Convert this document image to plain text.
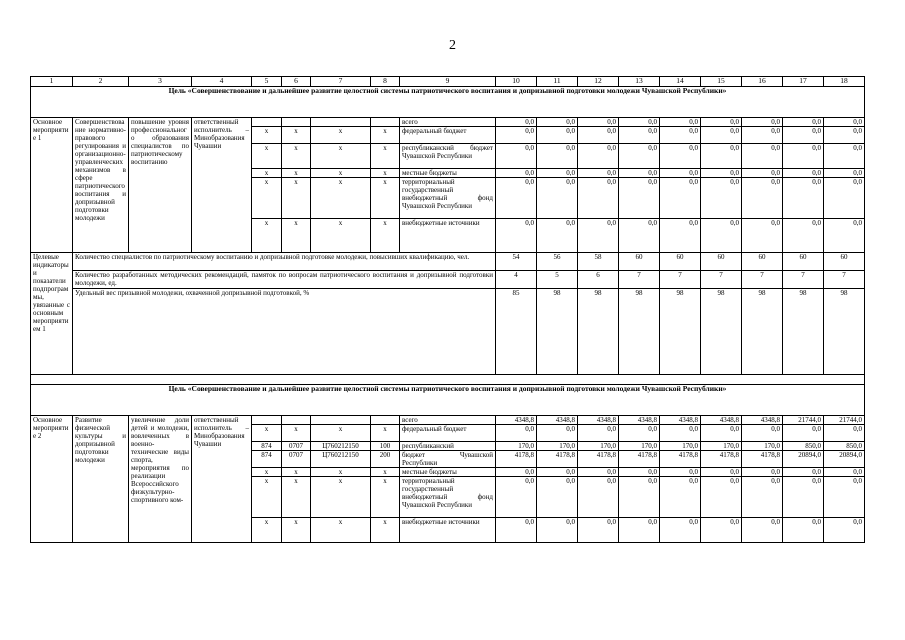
2
1	2	3	4	5	6	7	8	9	10	11	12	13	14	15	16	17	18
Цель «Совершенствование и дальнейшее развитие целостной системы патриотического воспитания и допризывной подготовки молодежи Чувашской Республики»																	
Основное мероприятие 1	Совершенствование нормативно-правового регулирования и организационно-управленческих механизмов в сфере патриотического воспитания и допризывной подготовки молодежи	повышение уровня профессионального образования специалистов по патриотическому воспитанию	ответственный исполнитель – Минобразования Чувашии					всего	0,0	0,0	0,0	0,0	0,0	0,0	0,0	0,0	0,0
				x	x	x	x	федеральный бюджет	0,0	0,0	0,0	0,0	0,0	0,0	0,0	0,0	0,0
				x	x	x	x	республиканский бюджет Чувашской Республики	0,0	0,0	0,0	0,0	0,0	0,0	0,0	0,0	0,0
				x	x	x	x	местные бюджеты	0,0	0,0	0,0	0,0	0,0	0,0	0,0	0,0	0,0
				x	x	x	x	территориальный государственный внебюджетный фонд Чувашской Республики	0,0	0,0	0,0	0,0	0,0	0,0	0,0	0,0	0,0
				x	x	x	x	внебюджетные источники	0,0	0,0	0,0	0,0	0,0	0,0	0,0	0,0	0,0
Целевые индикаторы и показатели подпрограммы, увязанные с основным мероприятием 1	Количество специалистов по патриотическому воспитанию и допризывной подготовке молодежи, повысивших квалификацию, чел.								54	56	58	60	60	60	60	60	60
	Количество разработанных методических рекомендаций, памяток по вопросам патриотического воспитания и допризывной подготовки молодежи, ед.								4	5	6	7	7	7	7	7	7
	Удельный вес призывной молодежи, охваченной допризывной подготовкой, %								85	98	98	98	98	98	98	98	98

Цель «Совершенствование и дальнейшее развитие целостной системы патриотического воспитания и допризывной подготовки молодежи Чувашской Республики»																	
Основное мероприятие 2	Развитие физической культуры и допризывной подготовки молодежи	увеличение доли детей и молодежи, вовлеченных в военно-технические виды спорта, мероприятия по реализации Всероссийского физкультурно-спортивного ком-	ответственный исполнитель – Минобразования Чувашии					всего	4348,8	4348,8	4348,8	4348,8	4348,8	4348,8	4348,8	21744,0	21744,0
				x	x	x	x	федеральный бюджет	0,0	0,0	0,0	0,0	0,0	0,0	0,0	0,0	0,0
				874	0707	Ц760212150	100	республиканский	170,0	170,0	170,0	170,0	170,0	170,0	170,0	850,0	850,0
				874	0707	Ц760212150	200	бюджет Чувашской Республики	4178,8	4178,8	4178,8	4178,8	4178,8	4178,8	4178,8	20894,0	20894,0
				x	x	x	x	местные бюджеты	0,0	0,0	0,0	0,0	0,0	0,0	0,0	0,0	0,0
				x	x	x	x	территориальный государственный внебюджетный фонд Чувашской Республики	0,0	0,0	0,0	0,0	0,0	0,0	0,0	0,0	0,0
				x	x	x	x	внебюджетные источники	0,0	0,0	0,0	0,0	0,0	0,0	0,0	0,0	0,0
